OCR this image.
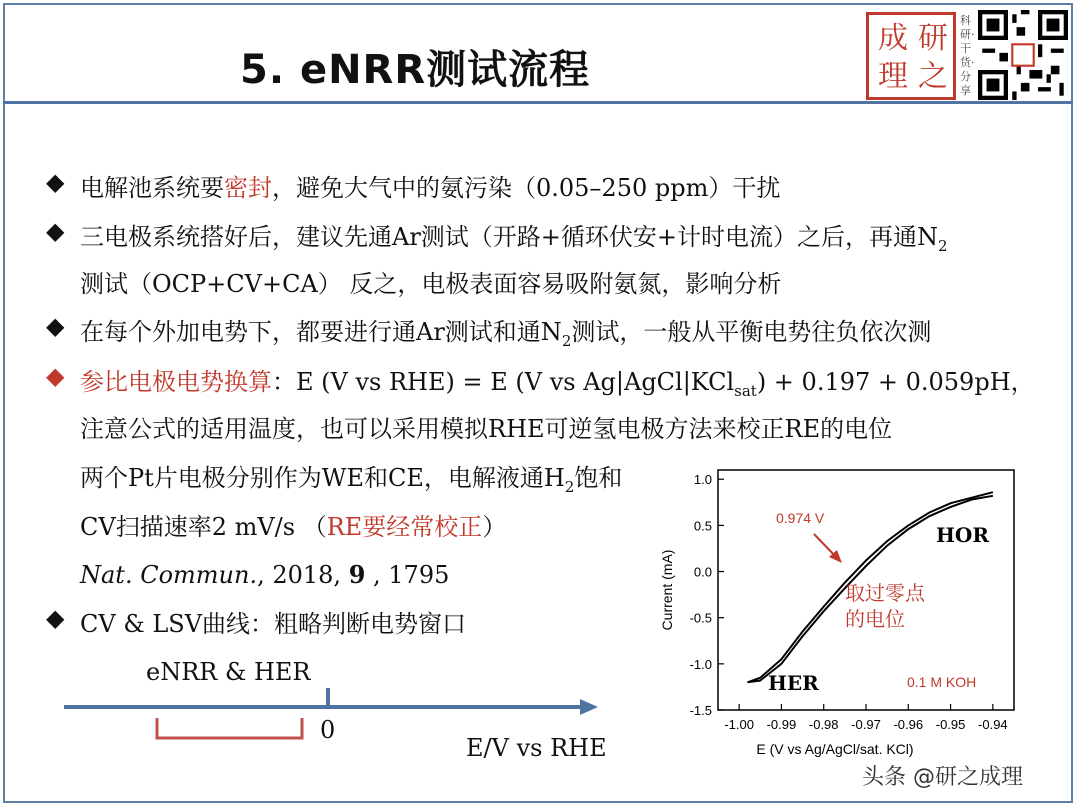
5. eNRR测试流程
成 研
理 之
科研·干货·分享
◆ 电解池系统要密封，避免大气中的氨污染（0.05–250 ppm）干扰
◆ 三电极系统搭好后，建议先通Ar测试（开路+循环伏安+计时电流）之后，再通$N_2$
测试（OCP+CV+CA） 反之，电极表面容易吸附氨氮，影响分析
◆ 在每个外加电势下，都要进行通Ar测试和通$N_2$测试，一般从平衡电势往负依次测
◆ 参比电极电势换算：E (V vs RHE) = E (V vs Ag|AgCl|KCl$_{sat}$) + 0.197 + 0.059pH，
注意公式的适用温度，也可以采用模拟RHE可逆氢电极方法来校正RE的电位
两个Pt片电极分别作为WE和CE，电解液通$H_2$饱和
CV扫描速率2 mV/s （RE要经常校正）
Nat. Commun., 2018, 9 , 1795
◆ CV & LSV曲线：粗略判断电势窗口
eNRR & HER
0
E/V vs RHE
1.0
0.5
0.0
-0.5
-1.0
-1.5
-1.00 -0.99 -0.98 -0.97 -0.96 -0.95 -0.94
E (V vs Ag/AgCl/sat. KCl)
Current (mA)
0.974 V
取过零点
的电位
HOR
HER	0.1 M KOH
头条 @研之成理
